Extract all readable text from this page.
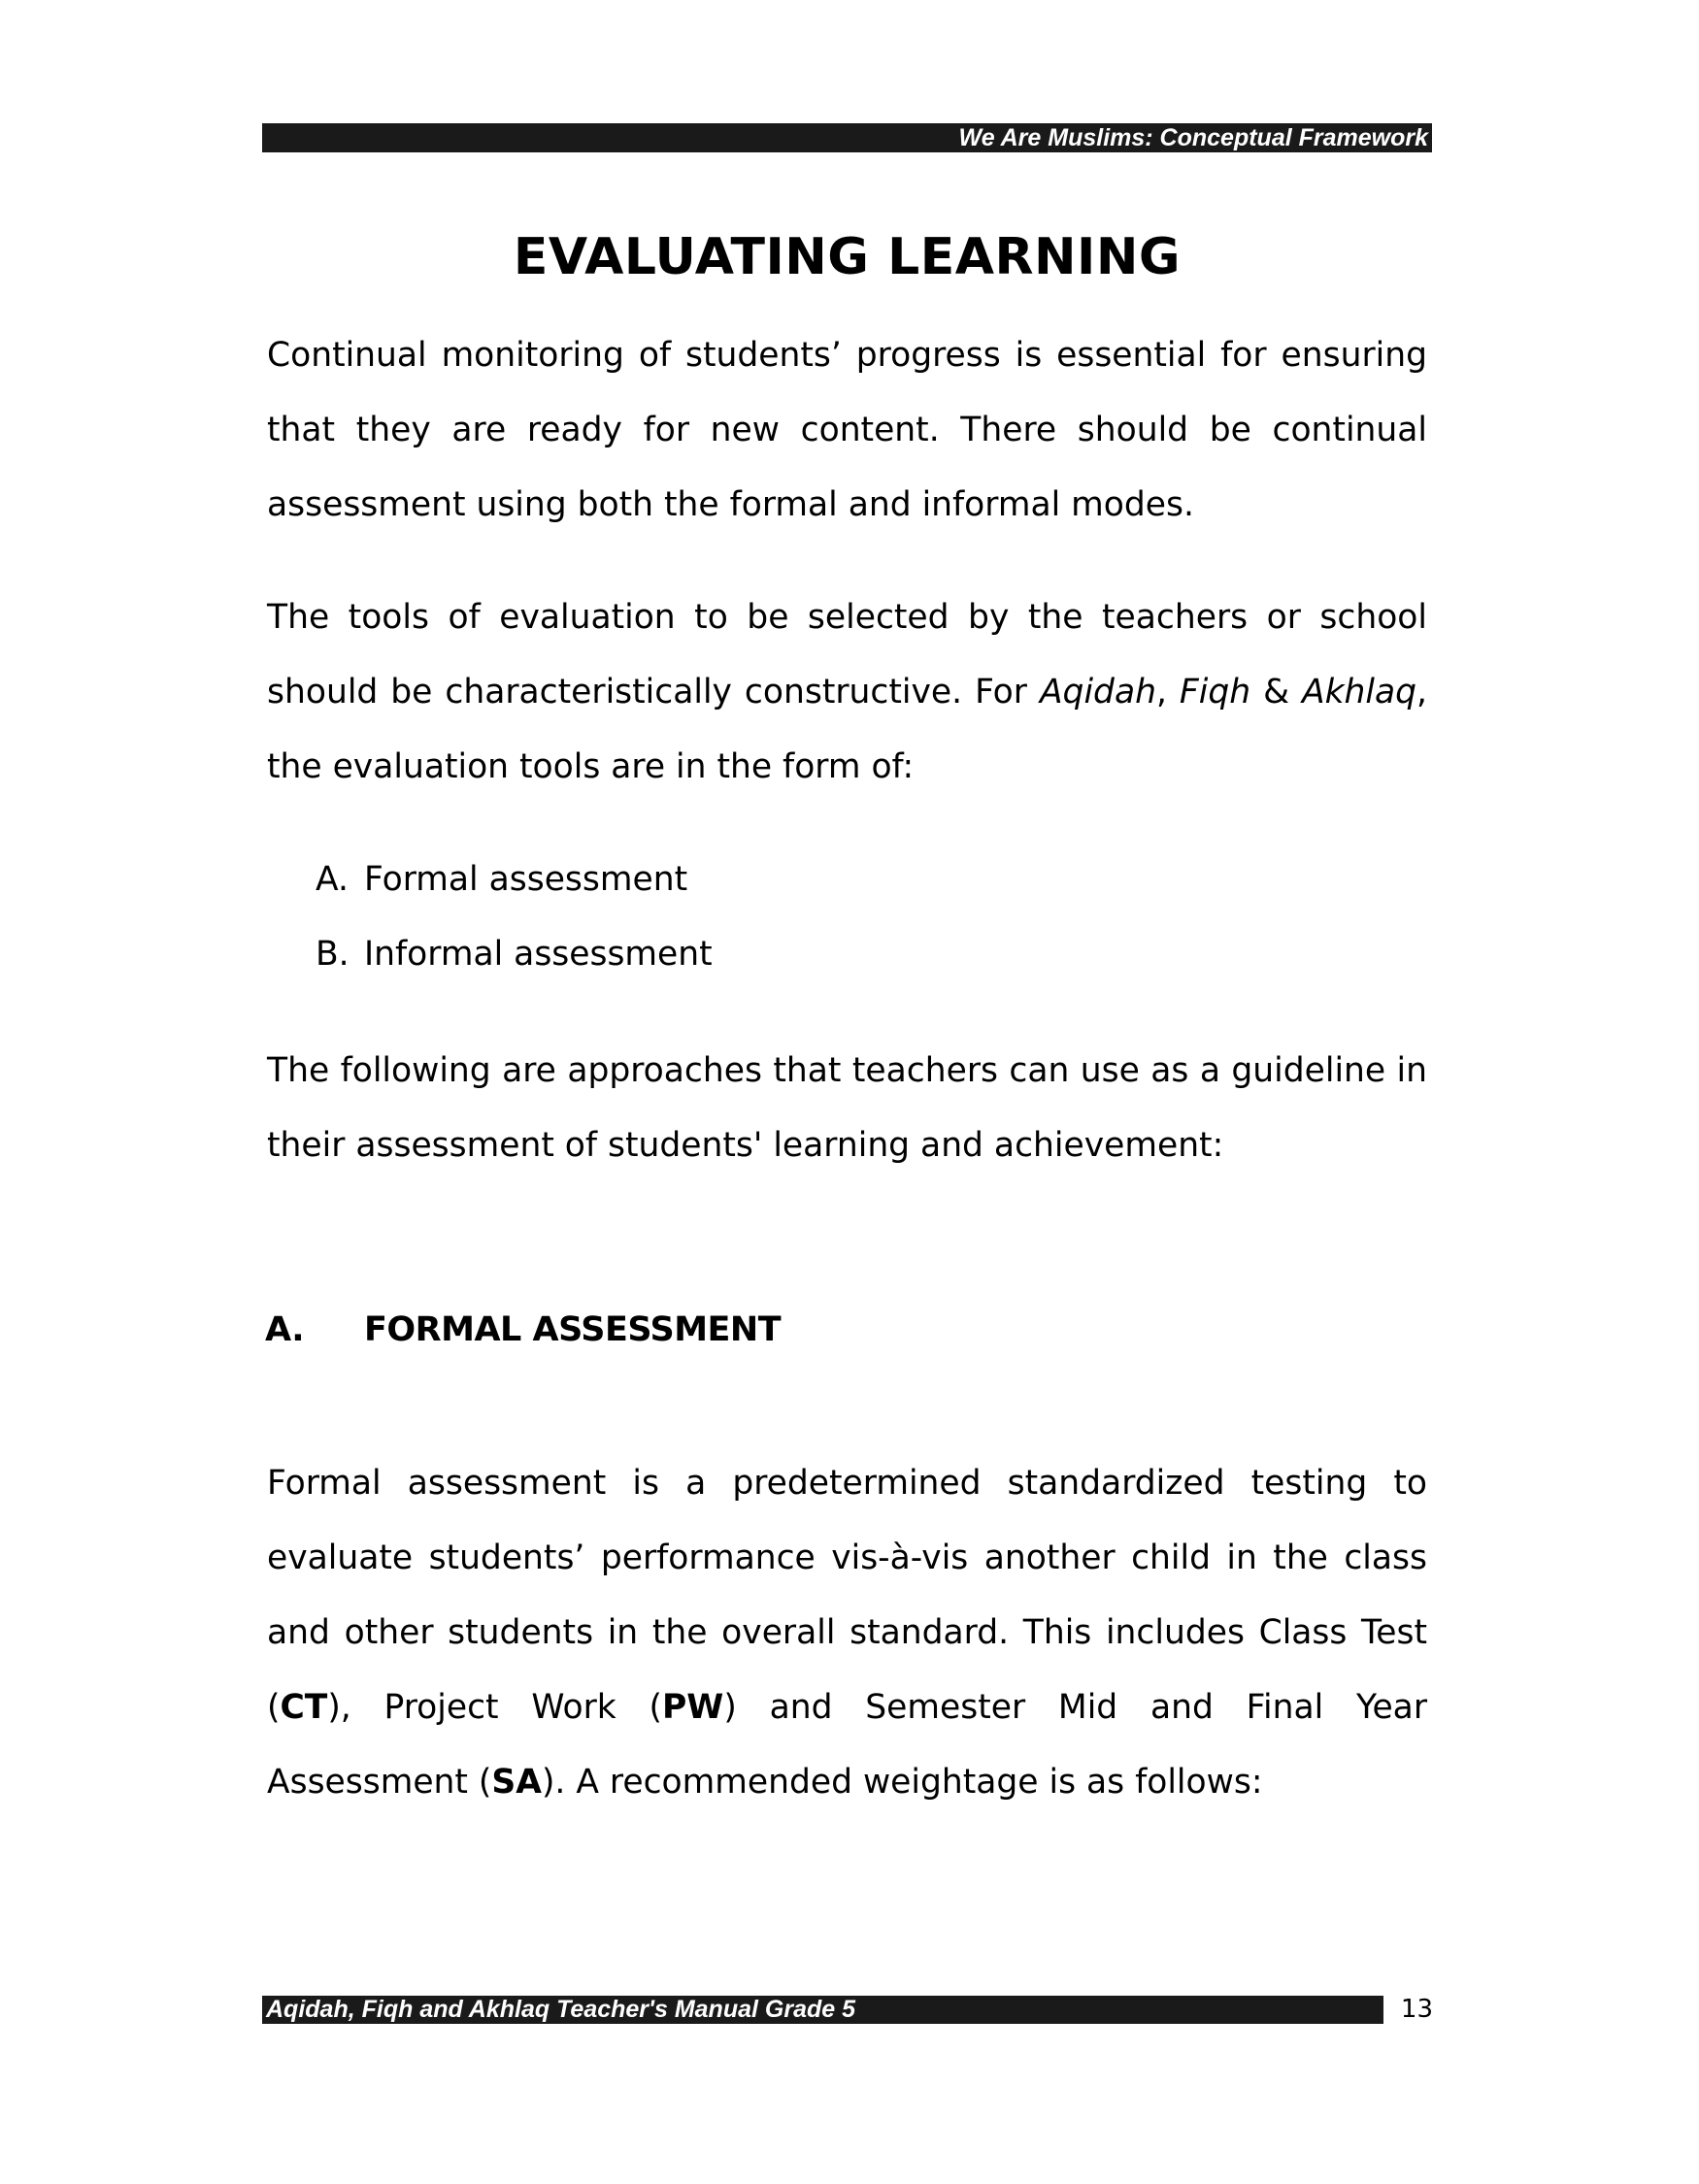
We Are Muslims: Conceptual Framework
EVALUATING LEARNING

Continual monitoring of students’ progress is essential for ensuring that they are ready for new content. There should be continual assessment using both the formal and informal modes.

The tools of evaluation to be selected by the teachers or school should be characteristically constructive. For Aqidah, Fiqh & Akhlaq, the evaluation tools are in the form of:

A. Formal assessment
B. Informal assessment

The following are approaches that teachers can use as a guideline in their assessment of students' learning and achievement:

A. FORMAL ASSESSMENT

Formal assessment is a predetermined standardized testing to evaluate students’ performance vis-à-vis another child in the class and other students in the overall standard. This includes Class Test (CT), Project Work (PW) and Semester Mid and Final Year Assessment (SA). A recommended weightage is as follows:

Aqidah, Fiqh and Akhlaq Teacher's Manual Grade 5	13
